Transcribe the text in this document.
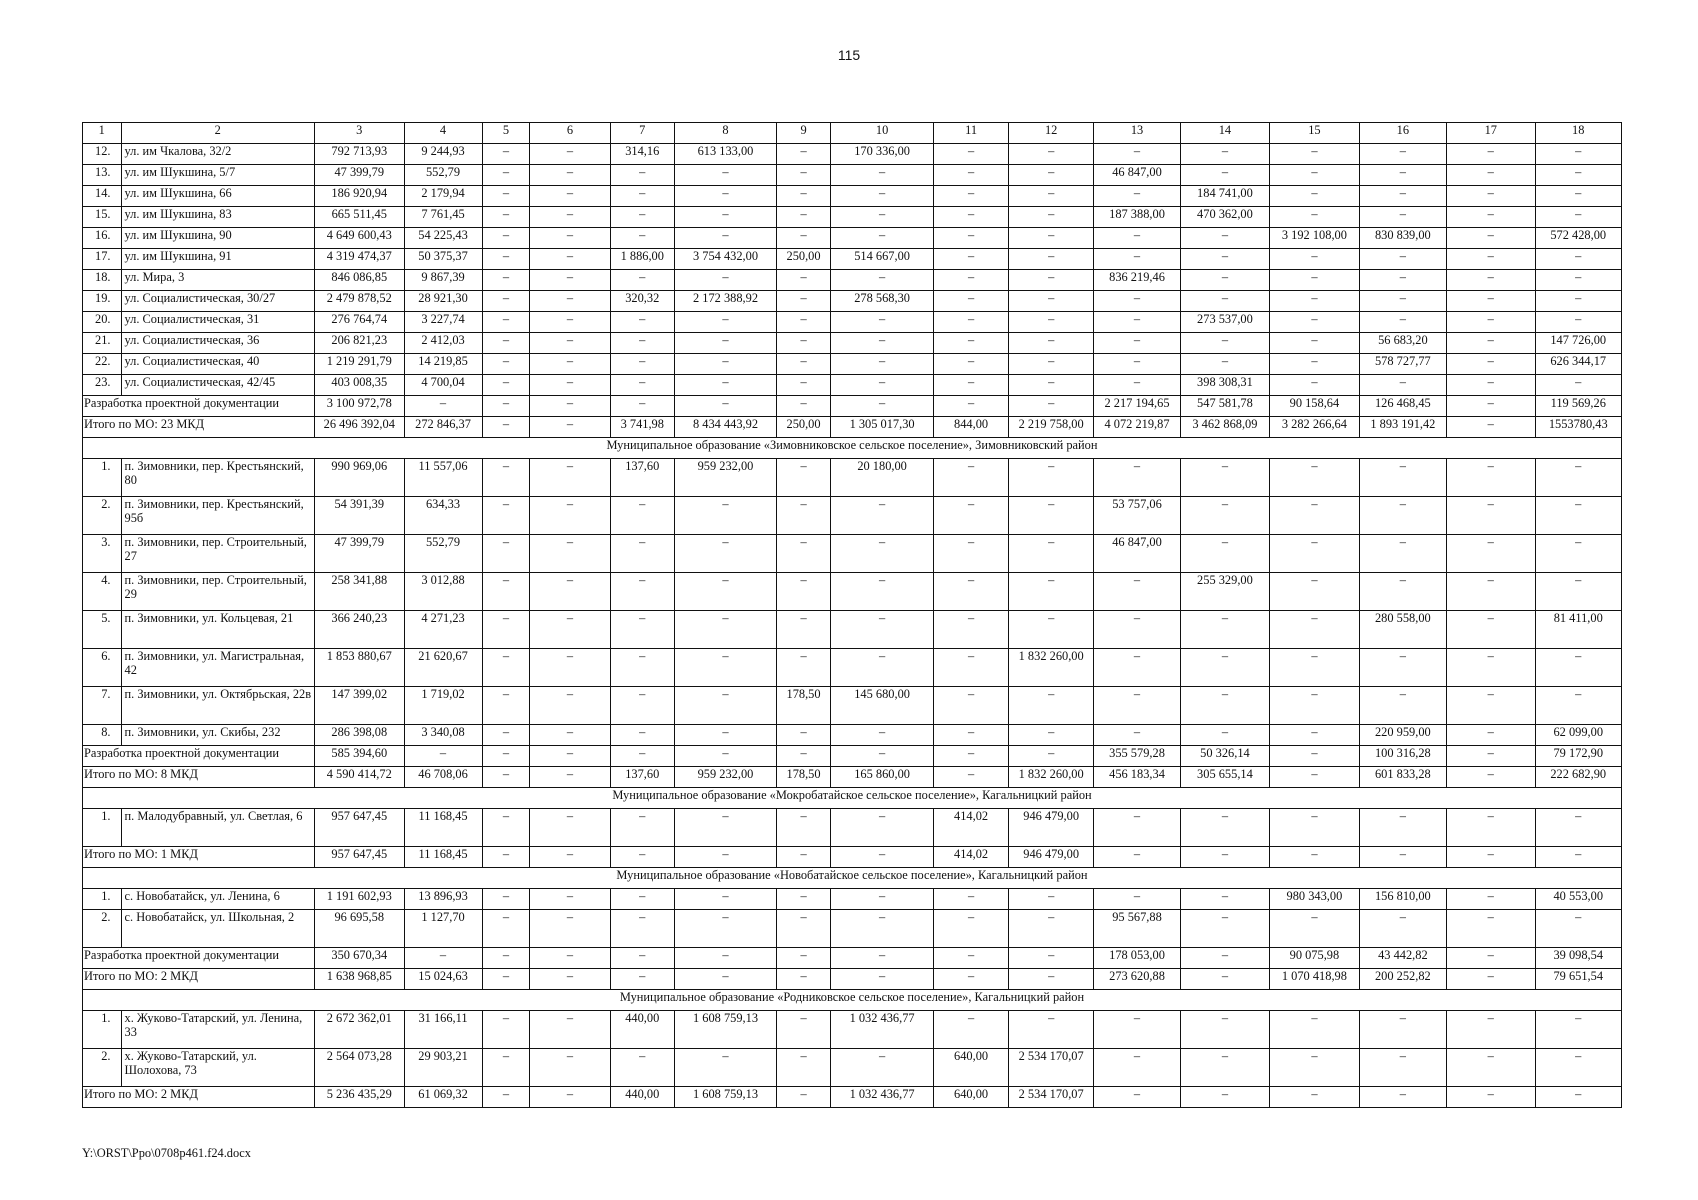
115
1	2	3	4	5	6	7	8	9	10	11	12	13	14	15	16	17	18
12.	ул. им Чкалова, 32/2	792 713,93	9 244,93	–	–	314,16	613 133,00	–	170 336,00	–	–	–	–	–	–	–	–
13.	ул. им Шукшина, 5/7	47 399,79	552,79	–	–	–	–	–	–	–	–	46 847,00	–	–	–	–	–
14.	ул. им Шукшина, 66	186 920,94	2 179,94	–	–	–	–	–	–	–	–	–	184 741,00	–	–	–	–
15.	ул. им Шукшина, 83	665 511,45	7 761,45	–	–	–	–	–	–	–	–	187 388,00	470 362,00	–	–	–	–
16.	ул. им Шукшина, 90	4 649 600,43	54 225,43	–	–	–	–	–	–	–	–	–	–	3 192 108,00	830 839,00	–	572 428,00
17.	ул. им Шукшина, 91	4 319 474,37	50 375,37	–	–	1 886,00	3 754 432,00	250,00	514 667,00	–	–	–	–	–	–	–	–
18.	ул. Мира, 3	846 086,85	9 867,39	–	–	–	–	–	–	–	–	836 219,46	–	–	–	–	–
19.	ул. Социалистическая, 30/27	2 479 878,52	28 921,30	–	–	320,32	2 172 388,92	–	278 568,30	–	–	–	–	–	–	–	–
20.	ул. Социалистическая, 31	276 764,74	3 227,74	–	–	–	–	–	–	–	–	–	273 537,00	–	–	–	–
21.	ул. Социалистическая, 36	206 821,23	2 412,03	–	–	–	–	–	–	–	–	–	–	–	56 683,20	–	147 726,00
22.	ул. Социалистическая, 40	1 219 291,79	14 219,85	–	–	–	–	–	–	–	–	–	–	–	578 727,77	–	626 344,17
23.	ул. Социалистическая, 42/45	403 008,35	4 700,04	–	–	–	–	–	–	–	–	–	398 308,31	–	–	–	–
Разработка проектной документации		3 100 972,78	–	–	–	–	–	–	–	–	–	2 217 194,65	547 581,78	90 158,64	126 468,45	–	119 569,26
Итого по МО: 23 МКД		26 496 392,04	272 846,37	–	–	3 741,98	8 434 443,92	250,00	1 305 017,30	844,00	2 219 758,00	4 072 219,87	3 462 868,09	3 282 266,64	1 893 191,42	–	1553780,43
Муниципальное образование «Зимовниковское сельское поселение», Зимовниковский район																	
1.	п. Зимовники, пер. Крестьянский, 80	990 969,06	11 557,06	–	–	137,60	959 232,00	–	20 180,00	–	–	–	–	–	–	–	–
2.	п. Зимовники, пер. Крестьянский, 95б	54 391,39	634,33	–	–	–	–	–	–	–	–	53 757,06	–	–	–	–	–
3.	п. Зимовники, пер. Строительный, 27	47 399,79	552,79	–	–	–	–	–	–	–	–	46 847,00	–	–	–	–	–
4.	п. Зимовники, пер. Строительный, 29	258 341,88	3 012,88	–	–	–	–	–	–	–	–	–	255 329,00	–	–	–	–
5.	п. Зимовники, ул. Кольцевая, 21	366 240,23	4 271,23	–	–	–	–	–	–	–	–	–	–	–	280 558,00	–	81 411,00
6.	п. Зимовники, ул. Магистральная, 42	1 853 880,67	21 620,67	–	–	–	–	–	–	–	1 832 260,00	–	–	–	–	–	–
7.	п. Зимовники, ул. Октябрьская, 22в	147 399,02	1 719,02	–	–	–	–	178,50	145 680,00	–	–	–	–	–	–	–	–
8.	п. Зимовники, ул. Скибы, 232	286 398,08	3 340,08	–	–	–	–	–	–	–	–	–	–	–	220 959,00	–	62 099,00
Разработка проектной документации		585 394,60	–	–	–	–	–	–	–	–	–	355 579,28	50 326,14	–	100 316,28	–	79 172,90
Итого по МО: 8 МКД		4 590 414,72	46 708,06	–	–	137,60	959 232,00	178,50	165 860,00	–	1 832 260,00	456 183,34	305 655,14	–	601 833,28	–	222 682,90
Муниципальное образование «Мокробатайское сельское поселение», Кагальницкий район																	
1.	п. Малодубравный, ул. Светлая, 6	957 647,45	11 168,45	–	–	–	–	–	–	414,02	946 479,00	–	–	–	–	–	–
Итого по МО: 1 МКД		957 647,45	11 168,45	–	–	–	–	–	–	414,02	946 479,00	–	–	–	–	–	–
Муниципальное образование «Новобатайское сельское поселение», Кагальницкий район																	
1.	с. Новобатайск, ул. Ленина, 6	1 191 602,93	13 896,93	–	–	–	–	–	–	–	–	–	–	980 343,00	156 810,00	–	40 553,00
2.	с. Новобатайск, ул. Школьная, 2	96 695,58	1 127,70	–	–	–	–	–	–	–	–	95 567,88	–	–	–	–	–
Разработка проектной документации		350 670,34	–	–	–	–	–	–	–	–	–	178 053,00	–	90 075,98	43 442,82	–	39 098,54
Итого по МО: 2 МКД		1 638 968,85	15 024,63	–	–	–	–	–	–	–	–	273 620,88	–	1 070 418,98	200 252,82	–	79 651,54
Муниципальное образование «Родниковское сельское поселение», Кагальницкий район																	
1.	х. Жуково-Татарский, ул. Ленина, 33	2 672 362,01	31 166,11	–	–	440,00	1 608 759,13	–	1 032 436,77	–	–	–	–	–	–	–	–
2.	х. Жуково-Татарский, ул. Шолохова, 73	2 564 073,28	29 903,21	–	–	–	–	–	–	640,00	2 534 170,07	–	–	–	–	–	–
Итого по МО: 2 МКД		5 236 435,29	61 069,32	–	–	440,00	1 608 759,13	–	1 032 436,77	640,00	2 534 170,07	–	–	–	–	–	–
Y:\ORST\Ppo\0708p461.f24.docx
